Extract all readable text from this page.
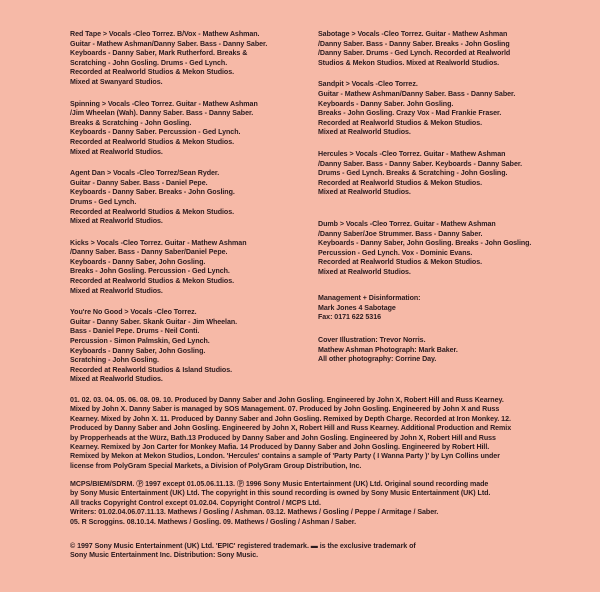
Red Tape > Vocals -Cleo Torrez. B/Vox - Mathew Ashman.
Guitar - Mathew Ashman/Danny Saber. Bass - Danny Saber.
Keyboards - Danny Saber, Mark Rutherford. Breaks &
Scratching - John Gosling. Drums - Ged Lynch.
Recorded at Realworld Studios & Mekon Studios.
Mixed at Swanyard Studios.

Spinning > Vocals -Cleo Torrez. Guitar - Mathew Ashman
/Jim Wheelan (Wah). Danny Saber. Bass - Danny Saber.
Breaks & Scratching - John Gosling.
Keyboards - Danny Saber. Percussion - Ged Lynch.
Recorded at Realworld Studios & Mekon Studios.
Mixed at Realworld Studios.

Agent Dan > Vocals -Cleo Torrez/Sean Ryder.
Guitar - Danny Saber. Bass - Daniel Pepe.
Keyboards - Danny Saber. Breaks - John Gosling.
Drums - Ged Lynch.
Recorded at Realworld Studios & Mekon Studios.
Mixed at Realworld Studios.

Kicks > Vocals -Cleo Torrez. Guitar - Mathew Ashman
/Danny Saber. Bass - Danny Saber/Daniel Pepe.
Keyboards - Danny Saber, John Gosling.
Breaks - John Gosling. Percussion - Ged Lynch.
Recorded at Realworld Studios & Mekon Studios.
Mixed at Realworld Studios.

You're No Good > Vocals -Cleo Torrez.
Guitar - Danny Saber. Skank Guitar - Jim Wheelan.
Bass - Daniel Pepe. Drums - Neil Conti.
Percussion - Simon Palmskin, Ged Lynch.
Keyboards - Danny Saber, John Gosling.
Scratching - John Gosling.
Recorded at Realworld Studios & Island Studios.
Mixed at Realworld Studios.

Sabotage > Vocals -Cleo Torrez. Guitar - Mathew Ashman
/Danny Saber. Bass - Danny Saber. Breaks - John Gosling
/Danny Saber. Drums - Ged Lynch. Recorded at Realworld
Studios & Mekon Studios. Mixed at Realworld Studios.

Sandpit > Vocals -Cleo Torrez.
Guitar - Mathew Ashman/Danny Saber. Bass - Danny Saber.
Keyboards - Danny Saber. John Gosling.
Breaks - John Gosling. Crazy Vox - Mad Frankie Fraser.
Recorded at Realworld Studios & Mekon Studios.
Mixed at Realworld Studios.

Hercules > Vocals -Cleo Torrez. Guitar - Mathew Ashman
/Danny Saber. Bass - Danny Saber. Keyboards - Danny Saber.
Drums - Ged Lynch. Breaks & Scratching - John Gosling.
Recorded at Realworld Studios & Mekon Studios.
Mixed at Realworld Studios.

Dumb > Vocals -Cleo Torrez. Guitar - Mathew Ashman
/Danny Saber/Joe Strummer. Bass - Danny Saber.
Keyboards - Danny Saber, John Gosling. Breaks - John Gosling.
Percussion - Ged Lynch. Vox - Dominic Evans.
Recorded at Realworld Studios & Mekon Studios.
Mixed at Realworld Studios.

Management + Disinformation:
Mark Jones 4 Sabotage
Fax: 0171 622 5316

Cover Illustration: Trevor Norris.
Mathew Ashman Photograph: Mark Baker.
All other photography: Corrine Day.

01. 02. 03. 04. 05. 06. 08. 09. 10. Produced by Danny Saber and John Gosling. Engineered by John X, Robert Hill and Russ Kearney.
Mixed by John X. Danny Saber is managed by SOS Management. 07. Produced by John Gosling. Engineered by John X and Russ
Kearney. Mixed by John X. 11. Produced by Danny Saber and John Gosling. Remixed by Depth Charge. Recorded at Iron Monkey. 12.
Produced by Danny Saber and John Gosling. Engineered by John X, Robert Hill and Russ Kearney. Additional Production and Remix
by Propperheads at the Würz, Bath.13 Produced by Danny Saber and John Gosling. Engineered by John X, Robert Hill and Russ
Kearney. Remixed by Jon Carter for Monkey Mafia. 14 Produced by Danny Saber and John Gosling. Engineered by Robert Hill.
Remixed by Mekon at Mekon Studios, London. 'Hercules' contains a sample of 'Party Party ( I Wanna Party )' by Lyn Collins under
license from PolyGram Special Markets, a Division of PolyGram Group Distribution, Inc.

MCPS/BIEM/SDRM. Ⓟ 1997 except 01.05.06.11.13. Ⓟ 1996 Sony Music Entertainment (UK) Ltd. Original sound recording made
by Sony Music Entertainment (UK) Ltd. The copyright in this sound recording is owned by Sony Music Entertainment (UK) Ltd.
All tracks Copyright Control except 01.02.04. Copyright Control / MCPS Ltd.
Writers: 01.02.04.06.07.11.13. Mathews / Gosling / Ashman. 03.12. Mathews / Gosling / Peppe / Armitage / Saber.
05. R Scroggins. 08.10.14. Mathews / Gosling. 09. Mathews / Gosling / Ashman / Saber.

© 1997 Sony Music Entertainment (UK) Ltd. 'EPIC' registered trademark. ▬ is the exclusive trademark of
Sony Music Entertainment Inc. Distribution: Sony Music.
